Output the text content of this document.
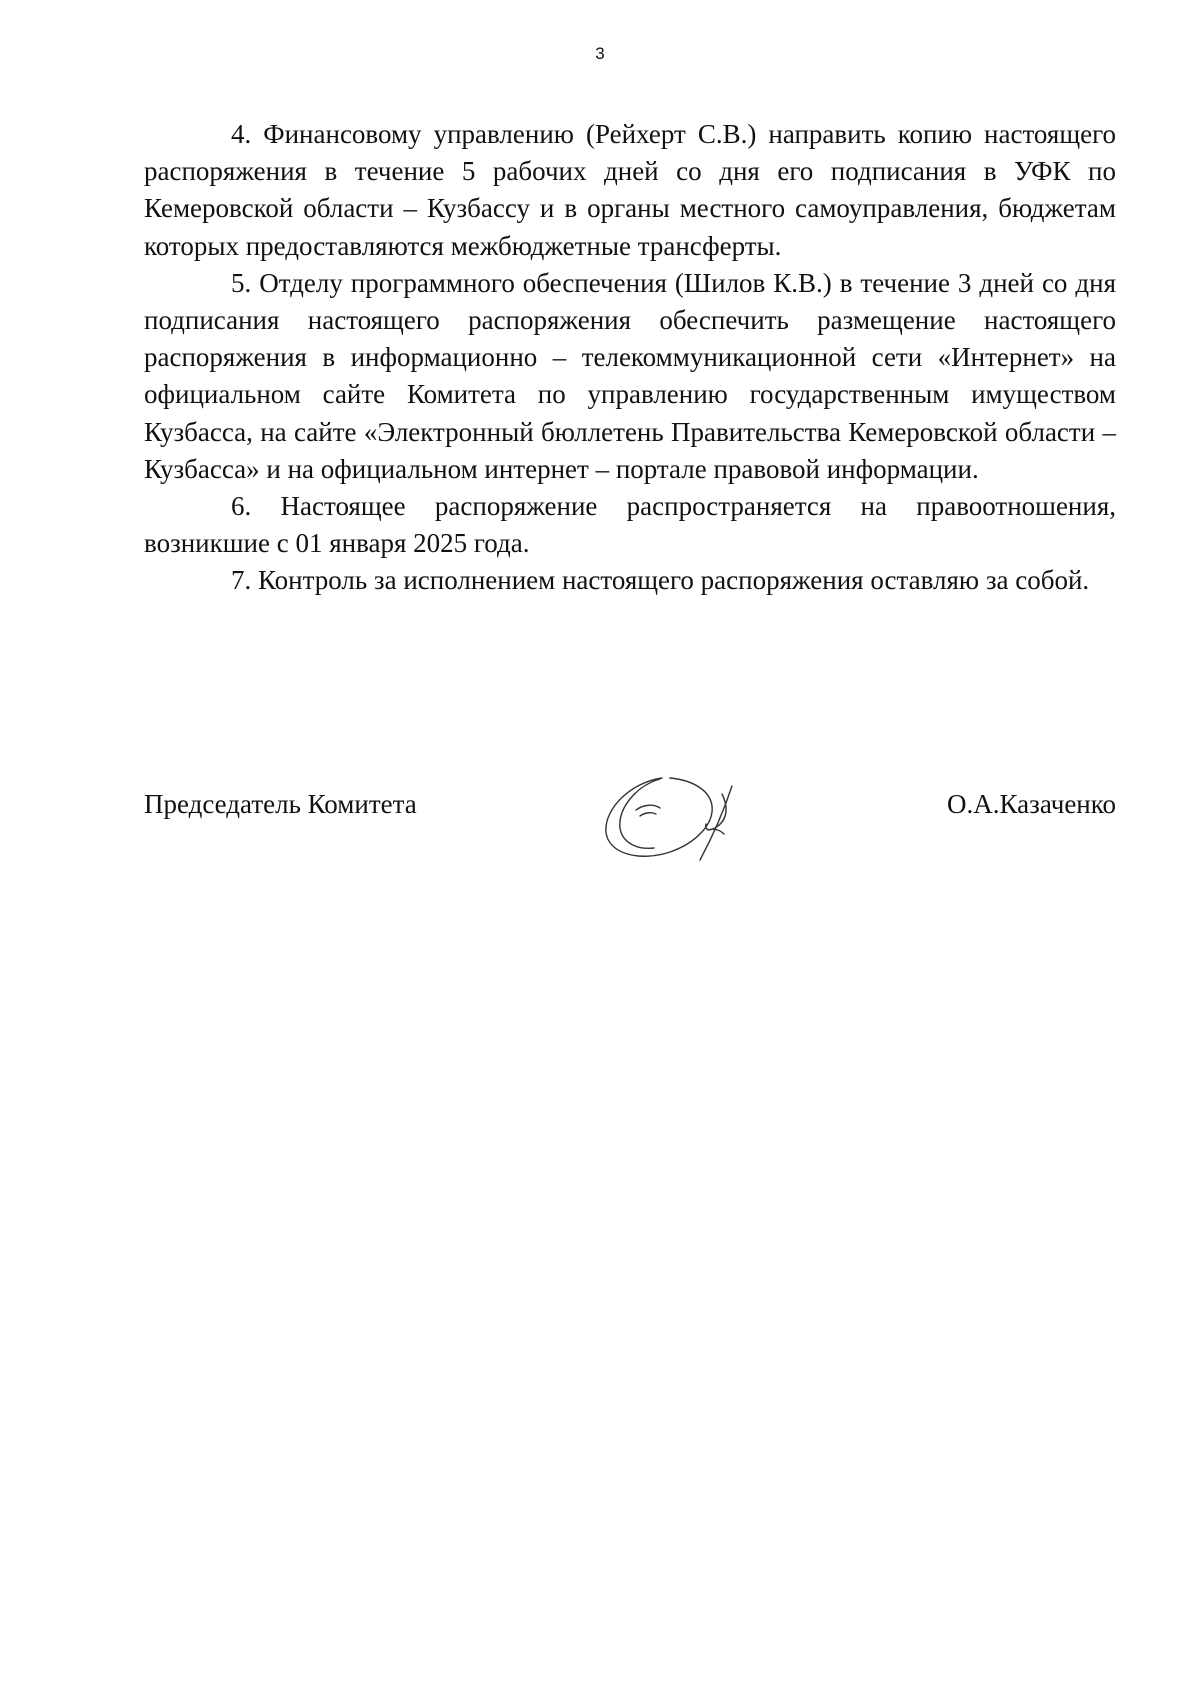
3

4. Финансовому управлению (Рейхерт С.В.) направить копию настоящего распоряжения в течение 5 рабочих дней со дня его подписания в УФК по Кемеровской области – Кузбассу и в органы местного самоуправления, бюджетам которых предоставляются межбюджетные трансферты.

5. Отделу программного обеспечения (Шилов К.В.) в течение 3 дней со дня подписания настоящего распоряжения обеспечить размещение настоящего распоряжения в информационно – телекоммуникационной сети «Интернет» на официальном сайте Комитета по управлению государственным имуществом Кузбасса, на сайте «Электронный бюллетень Правительства Кемеровской области – Кузбасса» и на официальном интернет – портале правовой информации.

6. Настоящее распоряжение распространяется на правоотношения, возникшие с 01 января 2025 года.

7. Контроль за исполнением настоящего распоряжения оставляю за собой.

Председатель Комитета	О.А.Казаченко
